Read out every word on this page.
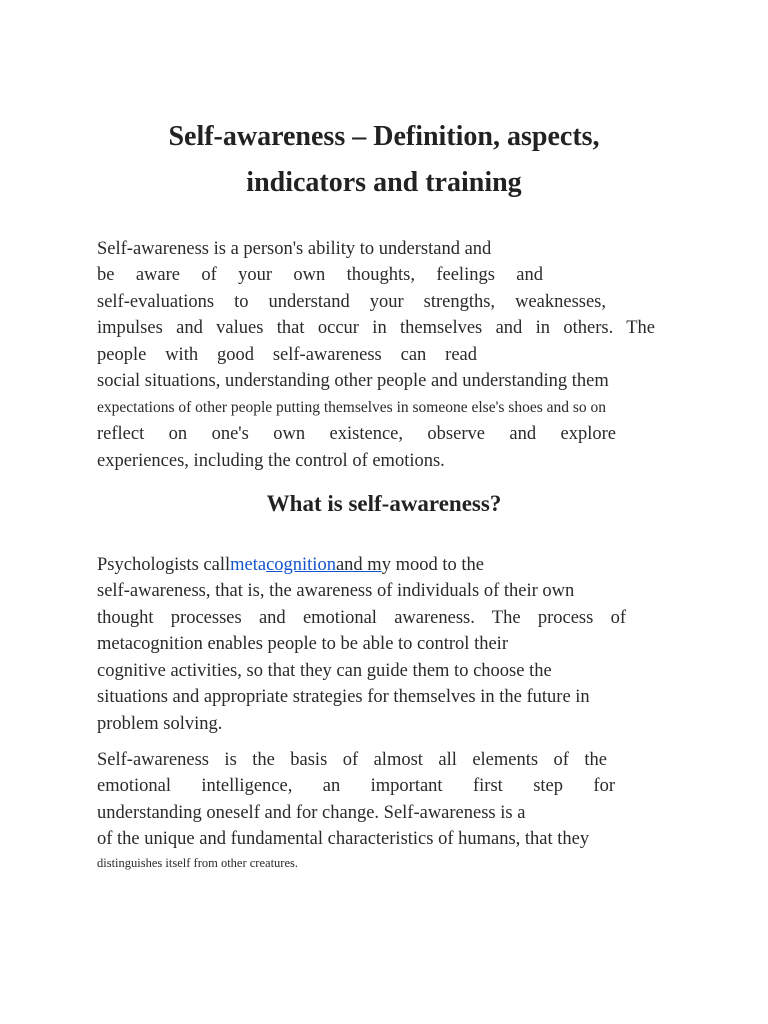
Self-awareness – Definition, aspects,
indicators and training
Self-awareness is a person's ability to understand and
be aware of your own thoughts, feelings and
self-evaluations to understand your strengths, weaknesses,
impulses and values that occur in themselves and in others. The
people with good self-awareness can read
social situations, understanding other people and understanding them
expectations of other people putting themselves in someone else's shoes and so on
reflect on one's own existence, observe and explore
experiences, including the control of emotions.
What is self-awareness?
Psychologists callmetacognitionand my mood to the
self-awareness, that is, the awareness of individuals of their own
thought processes and emotional awareness. The process of
metacognition enables people to be able to control their
cognitive activities, so that they can guide them to choose the
situations and appropriate strategies for themselves in the future in
problem solving.
Self-awareness is the basis of almost all elements of the
emotional intelligence, an important first step for
understanding oneself and for change. Self-awareness is a
of the unique and fundamental characteristics of humans, that they
distinguishes itself from other creatures.
